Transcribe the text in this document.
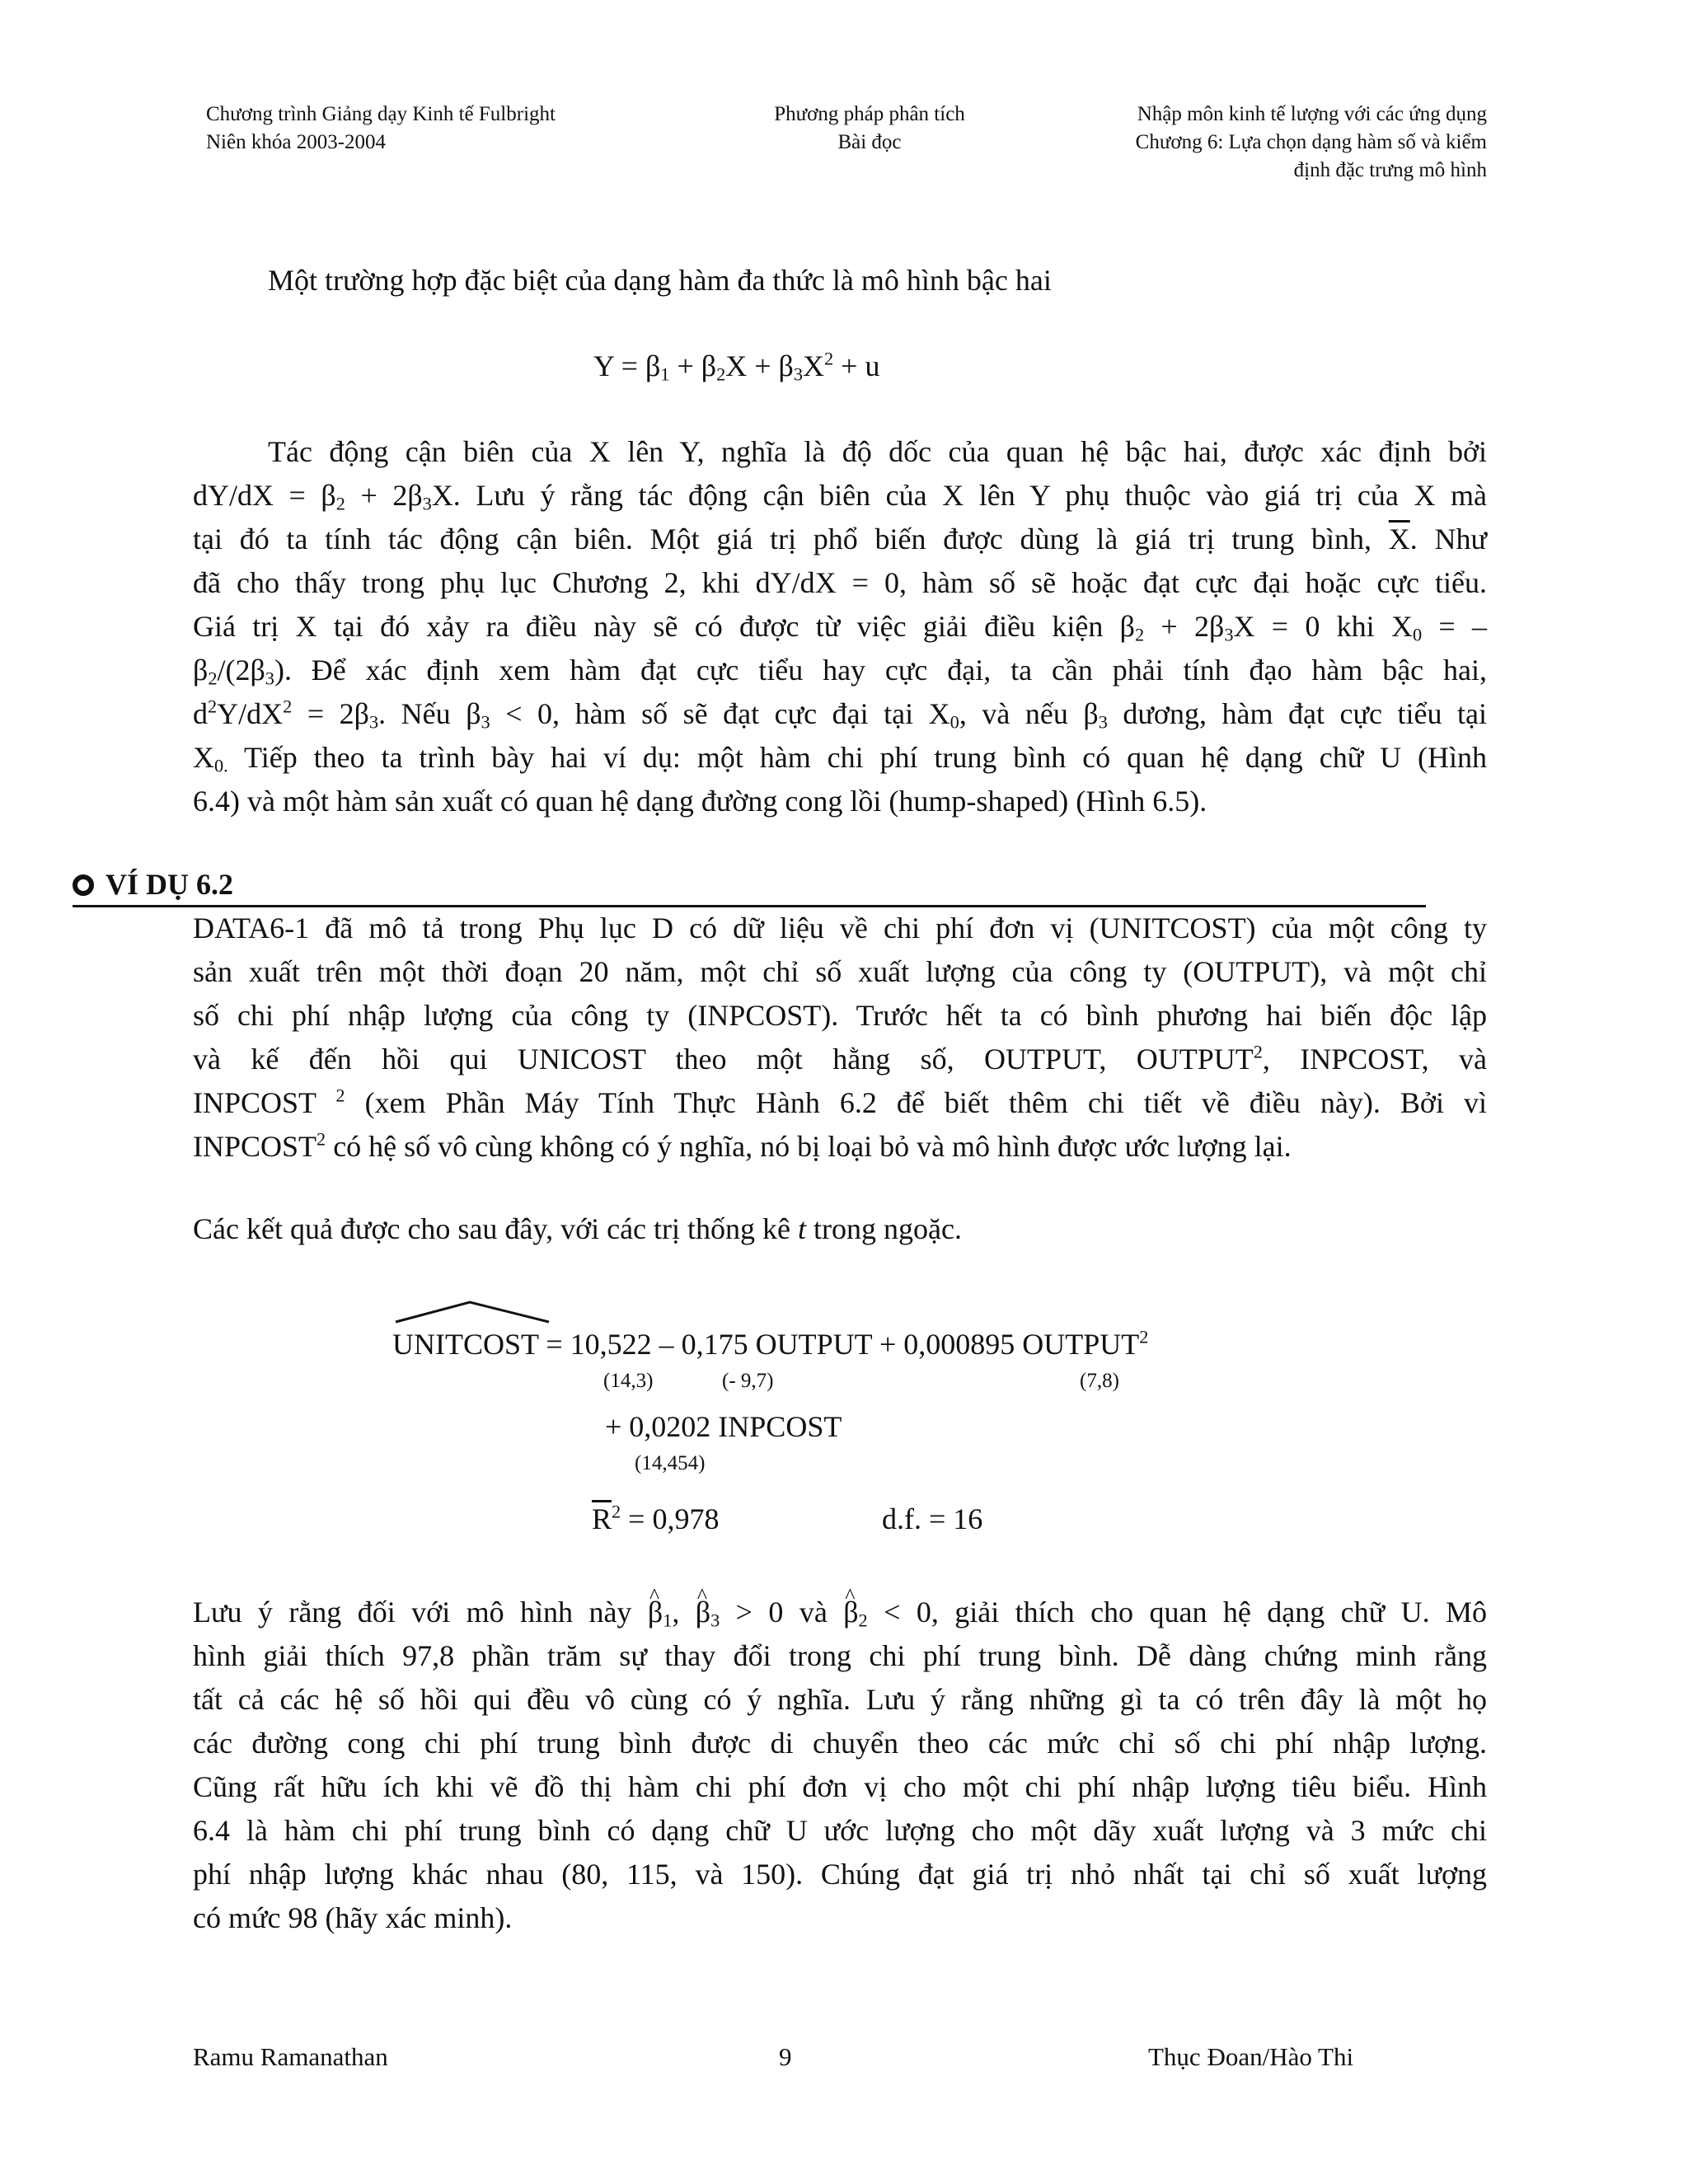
Chương trình Giảng dạy Kinh tế Fulbright
Niên khóa 2003-2004
Phương pháp phân tích
Bài đọc
Nhập môn kinh tế lượng với các ứng dụng
Chương 6: Lựa chọn dạng hàm số và kiểm
định đặc trưng mô hình
Một trường hợp đặc biệt của dạng hàm đa thức là mô hình bậc hai
$Y = \beta_1 + \beta_2X + \beta_3X^2 + u$
Tác động cận biên của X lên Y, nghĩa là độ dốc của quan hệ bậc hai, được xác định bởi
$dY/dX = \beta_2 + 2\beta_3X$. Lưu ý rằng tác động cận biên của X lên Y phụ thuộc vào giá trị của X mà
tại đó ta tính tác động cận biên. Một giá trị phổ biến được dùng là giá trị trung bình, $\overline{X}$. Như
đã cho thấy trong phụ lục Chương 2, khi dY/dX = 0, hàm số sẽ hoặc đạt cực đại hoặc cực tiểu.
Giá trị X tại đó xảy ra điều này sẽ có được từ việc giải điều kiện $\beta_2 + 2\beta_3X = 0$ khi $X_0$ = –
$\beta_2/(2\beta_3)$. Để xác định xem hàm đạt cực tiểu hay cực đại, ta cần phải tính đạo hàm bậc hai,
$d^2Y/dX^2 = 2\beta_3$. Nếu $\beta_3 < 0$, hàm số sẽ đạt cực đại tại $X_0$, và nếu $\beta_3$ dương, hàm đạt cực tiểu tại
$X_{0.}$ Tiếp theo ta trình bày hai ví dụ: một hàm chi phí trung bình có quan hệ dạng chữ U (Hình
6.4) và một hàm sản xuất có quan hệ dạng đường cong lồi (hump-shaped) (Hình 6.5).
VÍ DỤ 6.2
DATA6-1 đã mô tả trong Phụ lục D có dữ liệu về chi phí đơn vị (UNITCOST) của một công ty
sản xuất trên một thời đoạn 20 năm, một chỉ số xuất lượng của công ty (OUTPUT), và một chỉ
số chi phí nhập lượng của công ty (INPCOST). Trước hết ta có bình phương hai biến độc lập
và kế đến hồi qui UNICOST theo một hằng số, OUTPUT, OUTPUT$^2$, INPCOST, và
INPCOST $^2$ (xem Phần Máy Tính Thực Hành 6.2 để biết thêm chi tiết về điều này). Bởi vì
INPCOST$^2$ có hệ số vô cùng không có ý nghĩa, nó bị loại bỏ và mô hình được ước lượng lại.
Các kết quả được cho sau đây, với các trị thống kê t trong ngoặc.
UNITCOST = 10,522 – 0,175 OUTPUT + 0,000895 OUTPUT$^2$
(14,3)	(- 9,7)	(7,8)
+ 0,0202 INPCOST
(14,454)
$\overline{R}^2 = 0,978$	d.f. = 16
Lưu ý rằng đối với mô hình này ^ $\beta_1$, ^ $\beta_3 > 0$ và ^ $\beta_2 < 0$, giải thích cho quan hệ dạng chữ U. Mô
hình giải thích 97,8 phần trăm sự thay đổi trong chi phí trung bình. Dễ dàng chứng minh rằng
tất cả các hệ số hồi qui đều vô cùng có ý nghĩa. Lưu ý rằng những gì ta có trên đây là một họ
các đường cong chi phí trung bình được di chuyển theo các mức chỉ số chi phí nhập lượng.
Cũng rất hữu ích khi vẽ đồ thị hàm chi phí đơn vị cho một chi phí nhập lượng tiêu biểu. Hình
6.4 là hàm chi phí trung bình có dạng chữ U ước lượng cho một dãy xuất lượng và 3 mức chi
phí nhập lượng khác nhau (80, 115, và 150). Chúng đạt giá trị nhỏ nhất tại chỉ số xuất lượng
có mức 98 (hãy xác minh).
Ramu Ramanathan	9	Thục Đoan/Hào Thi
